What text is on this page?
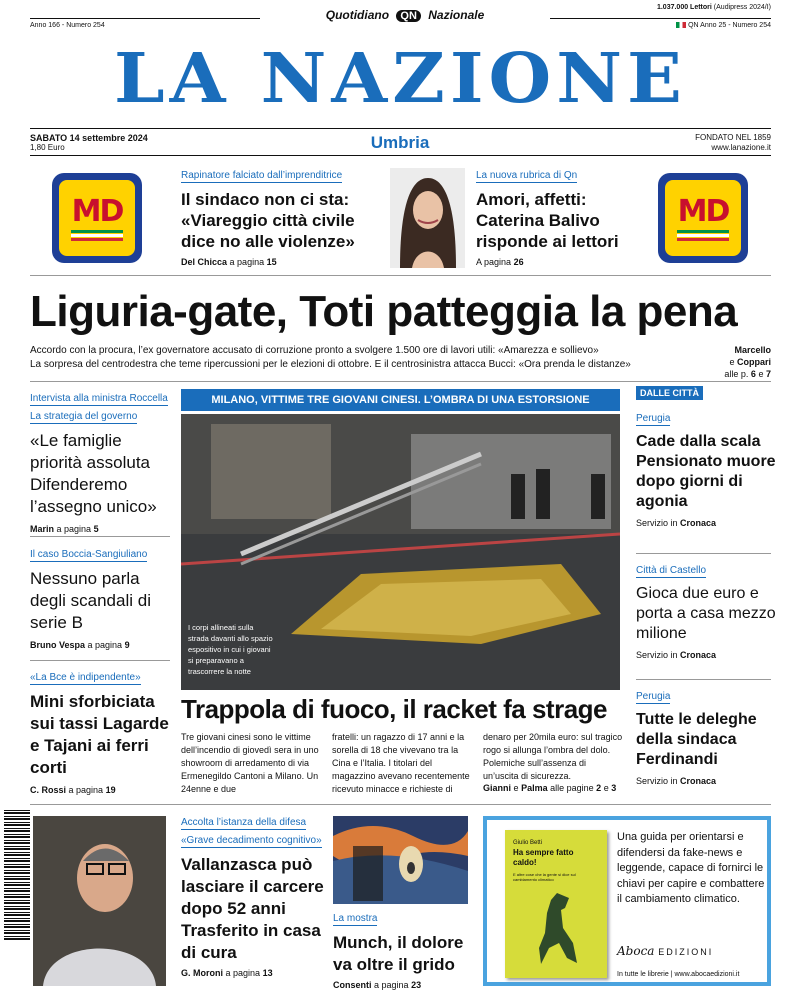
Quotidiano QN Nazionale
1.037.000 Lettori (Audipress 2024/I)
Anno 166 - Numero 254	QN Anno 25 - Numero 254
LA NAZIONE
SABATO 14 settembre 2024
1,80 Euro	Umbria	FONDATO NEL 1859
www.lanazione.it
MD	MD
Rapinatore falciato dall’imprenditrice
Il sindaco non ci sta: «Viareggio città civile dice no alle violenze»
Del Chicca a pagina 15
La nuova rubrica di Qn
Amori, affetti: Caterina Balivo risponde ai lettori
A pagina 26
Liguria-gate, Toti patteggia la pena
Accordo con la procura, l’ex governatore accusato di corruzione pronto a svolgere 1.500 ore di lavori utili: «Amarezza e sollievo»
La sorpresa del centrodestra che teme ripercussioni per le elezioni di ottobre. E il centrosinistra attacca Bucci: «Ora prenda le distanze»
Marcello
e Coppari
alle p. 6 e 7
Intervista alla ministra Roccella
La strategia del governo
«Le famiglie priorità assoluta Difenderemo l’assegno unico»
Marin a pagina 5
Il caso Boccia-Sangiuliano
Nessuno parla degli scandali di serie B
Bruno Vespa a pagina 9
«La Bce è indipendente»
Mini sforbiciata sui tassi Lagarde e Tajani ai ferri corti
C. Rossi a pagina 19
MILANO, VITTIME TRE GIOVANI CINESI. L’OMBRA DI UNA ESTORSIONE
I corpi allineati sulla strada davanti allo spazio espositivo in cui i giovani si preparavano a trascorrere la notte
Trappola di fuoco, il racket fa strage
Tre giovani cinesi sono le vittime dell’incendio di giovedì sera in uno showroom di arredamento di via Ermenegildo Cantoni a Milano. Un 24enne e due
fratelli: un ragazzo di 17 anni e la sorella di 18 che vivevano tra la Cina e l’Italia. I titolari del magazzino avevano recentemente ricevuto minacce e richieste di
denaro per 20mila euro: sul tragico rogo si allunga l’ombra del dolo. Polemiche sull’assenza di un’uscita di sicurezza.
Gianni e Palma alle pagine 2 e 3
DALLE CITTÀ
Perugia
Cade dalla scala Pensionato muore dopo giorni di agonia
Servizio in Cronaca
Città di Castello
Gioca due euro e porta a casa mezzo milione
Servizio in Cronaca
Perugia
Tutte le deleghe della sindaca Ferdinandi
Servizio in Cronaca
Accolta l’istanza della difesa
«Grave decadimento cognitivo»
Vallanzasca può lasciare il carcere dopo 52 anni Trasferito in casa di cura
G. Moroni a pagina 13
La mostra
Munch, il dolore va oltre il grido
Consenti a pagina 23
Giulio Betti
Ha sempre fatto caldo!
E altre cose che la gente si dice sul cambiamento climatico
Una guida per orientarsi e difendersi da fake-news e leggende, capace di fornirci le chiavi per capire e combattere il cambiamento climatico.
Aboca EDIZIONI
In tutte le librerie | www.abocaedizioni.it
